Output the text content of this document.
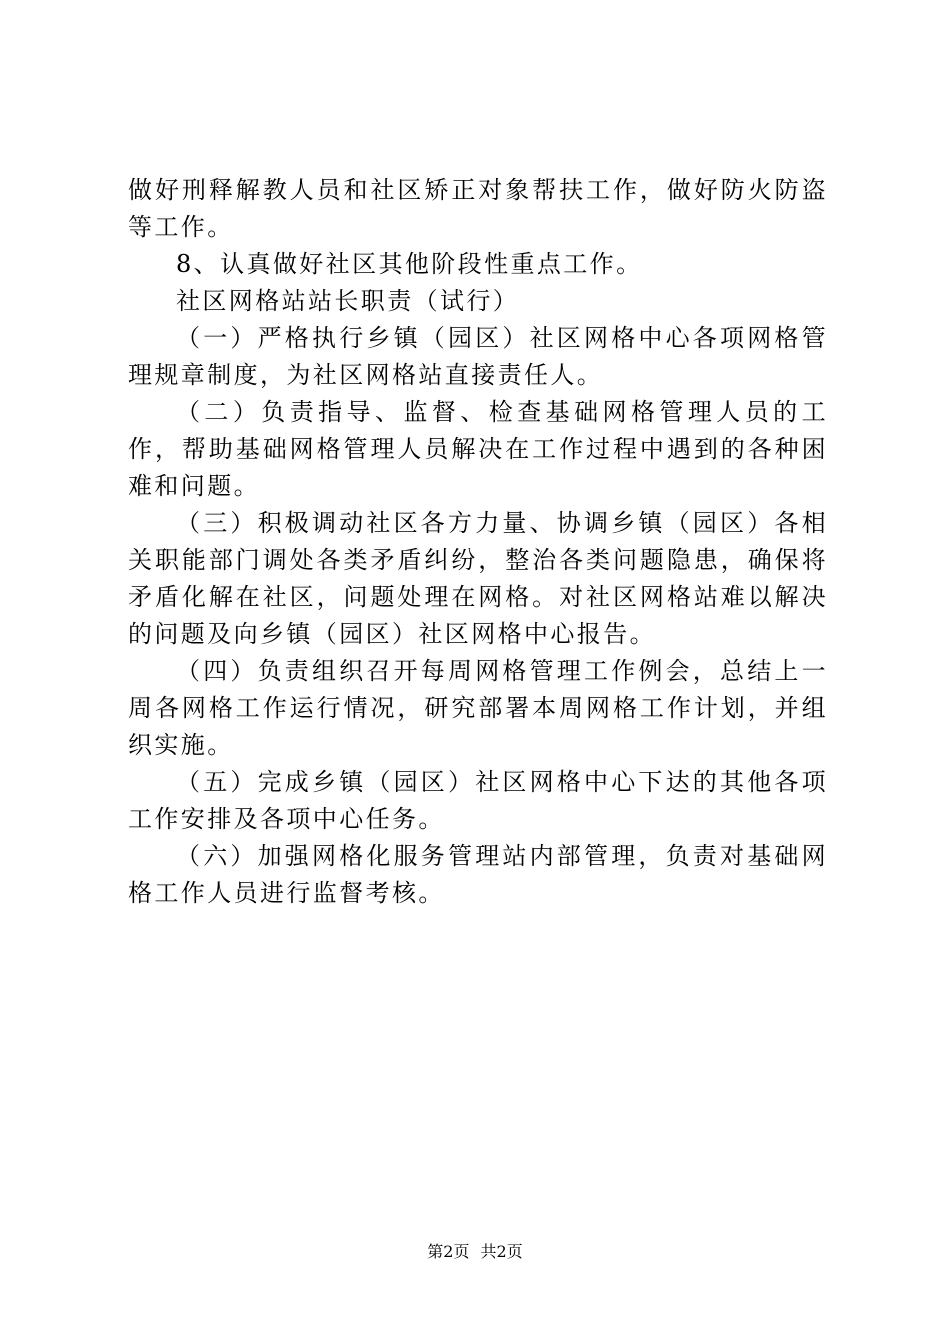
做好刑释解教人员和社区矫正对象帮扶工作，做好防火防盗等工作。

8、认真做好社区其他阶段性重点工作。

社区网格站站长职责（试行）

（一）严格执行乡镇（园区）社区网格中心各项网格管理规章制度，为社区网格站直接责任人。

（二）负责指导、监督、检查基础网格管理人员的工作，帮助基础网格管理人员解决在工作过程中遇到的各种困难和问题。

（三）积极调动社区各方力量、协调乡镇（园区）各相关职能部门调处各类矛盾纠纷，整治各类问题隐患，确保将矛盾化解在社区，问题处理在网格。对社区网格站难以解决的问题及向乡镇（园区）社区网格中心报告。

（四）负责组织召开每周网格管理工作例会，总结上一周各网格工作运行情况，研究部署本周网格工作计划，并组织实施。

（五）完成乡镇（园区）社区网格中心下达的其他各项工作安排及各项中心任务。

（六）加强网格化服务管理站内部管理，负责对基础网格工作人员进行监督考核。

第2页 共2页
